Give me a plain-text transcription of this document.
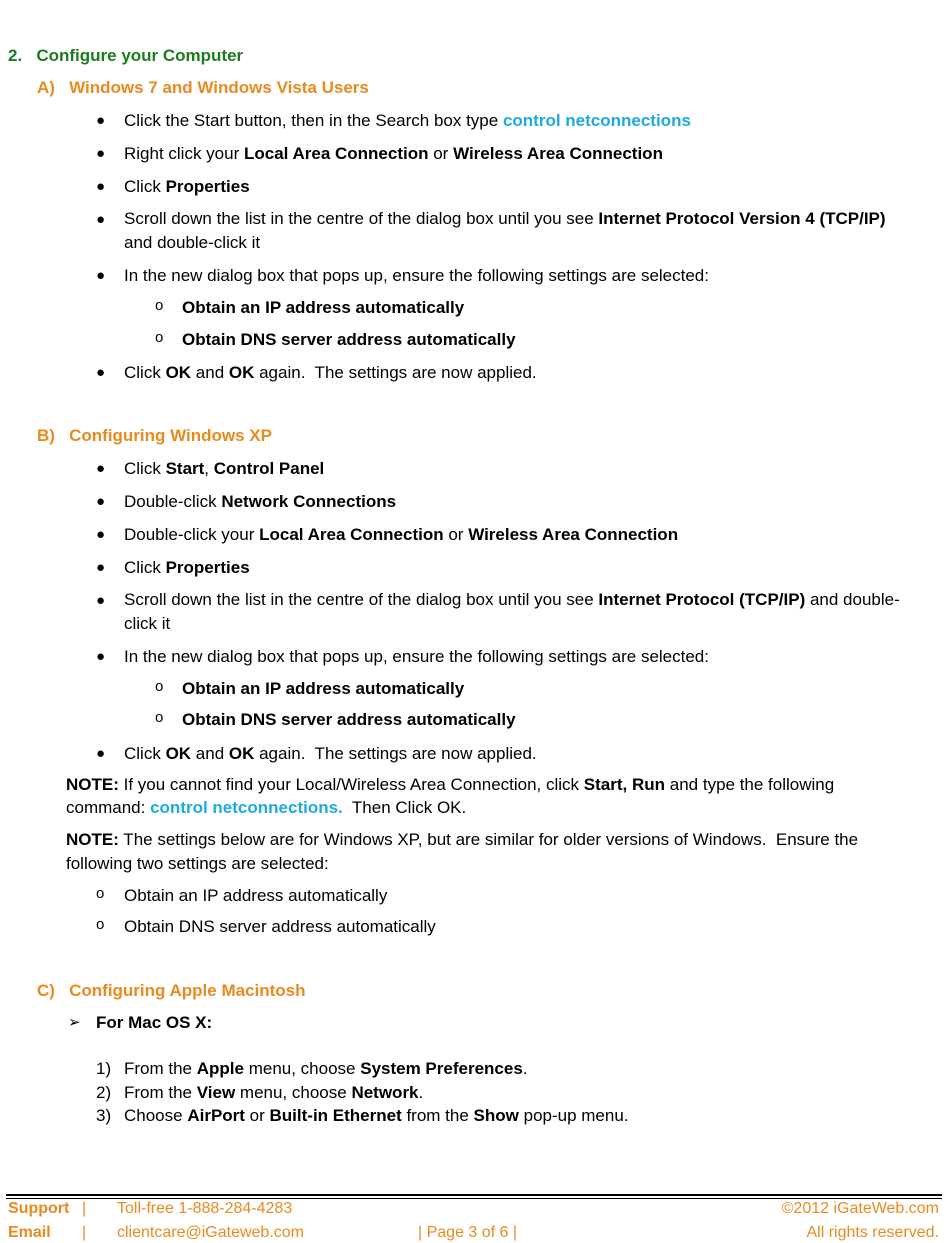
2.   Configure your Computer
A)   Windows 7 and Windows Vista Users
● Click the Start button, then in the Search box type control netconnections
● Right click your Local Area Connection or Wireless Area Connection
● Click Properties
● Scroll down the list in the centre of the dialog box until you see Internet Protocol Version 4 (TCP/IP)
and double-click it
● In the new dialog box that pops up, ensure the following settings are selected:
o Obtain an IP address automatically
o Obtain DNS server address automatically
● Click OK and OK again.  The settings are now applied.
B)   Configuring Windows XP
● Click Start, Control Panel
● Double-click Network Connections
● Double-click your Local Area Connection or Wireless Area Connection
● Click Properties
● Scroll down the list in the centre of the dialog box until you see Internet Protocol (TCP/IP) and double-
click it
● In the new dialog box that pops up, ensure the following settings are selected:
o Obtain an IP address automatically
o Obtain DNS server address automatically
● Click OK and OK again.  The settings are now applied.
NOTE: If you cannot find your Local/Wireless Area Connection, click Start, Run and type the following
command: control netconnections.  Then Click OK.
NOTE: The settings below are for Windows XP, but are similar for older versions of Windows.  Ensure the
following two settings are selected:
o Obtain an IP address automatically
o Obtain DNS server address automatically
C)   Configuring Apple Macintosh
➢ For Mac OS X:
1) From the Apple menu, choose System Preferences.
2) From the View menu, choose Network.
3) Choose AirPort or Built-in Ethernet from the Show pop-up menu.
Support | Toll-free 1-888-284-4283	©2012 iGateWeb.com
Email | clientcare@iGateweb.com	| Page 3 of 6 |	All rights reserved.
